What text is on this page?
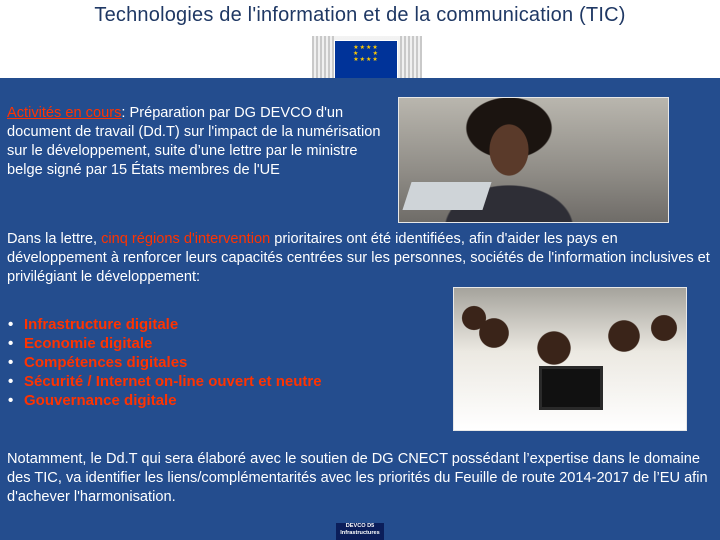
Technologies de l'information et de la communication (TIC)
★★★★
★     ★
★★★★

Activités en cours: Préparation par DG DEVCO d'un document de travail (Dd.T) sur l'impact de la numérisation sur le développement, suite d’une lettre par le ministre belge signé par 15 États membres de l'UE
Dans la lettre, cinq régions d'intervention prioritaires ont été identifiées, afin d'aider les pays en développement à renforcer leurs capacités centrées sur les personnes, sociétés de l'information inclusives et privilégiant le développement:
• Infrastructure digitale
• Economie digitale
• Compétences digitales
• Sécurité / Internet on-line ouvert et neutre
• Gouvernance digitale
Notamment, le Dd.T qui sera élaboré avec le soutien de DG CNECT possédant l’expertise dans le domaine des TIC, va identifier les liens/complémentarités avec les priorités du Feuille de route 2014-2017 de l’EU afin d'achever l'harmonisation.
DEVCO D5
Infrastructures
